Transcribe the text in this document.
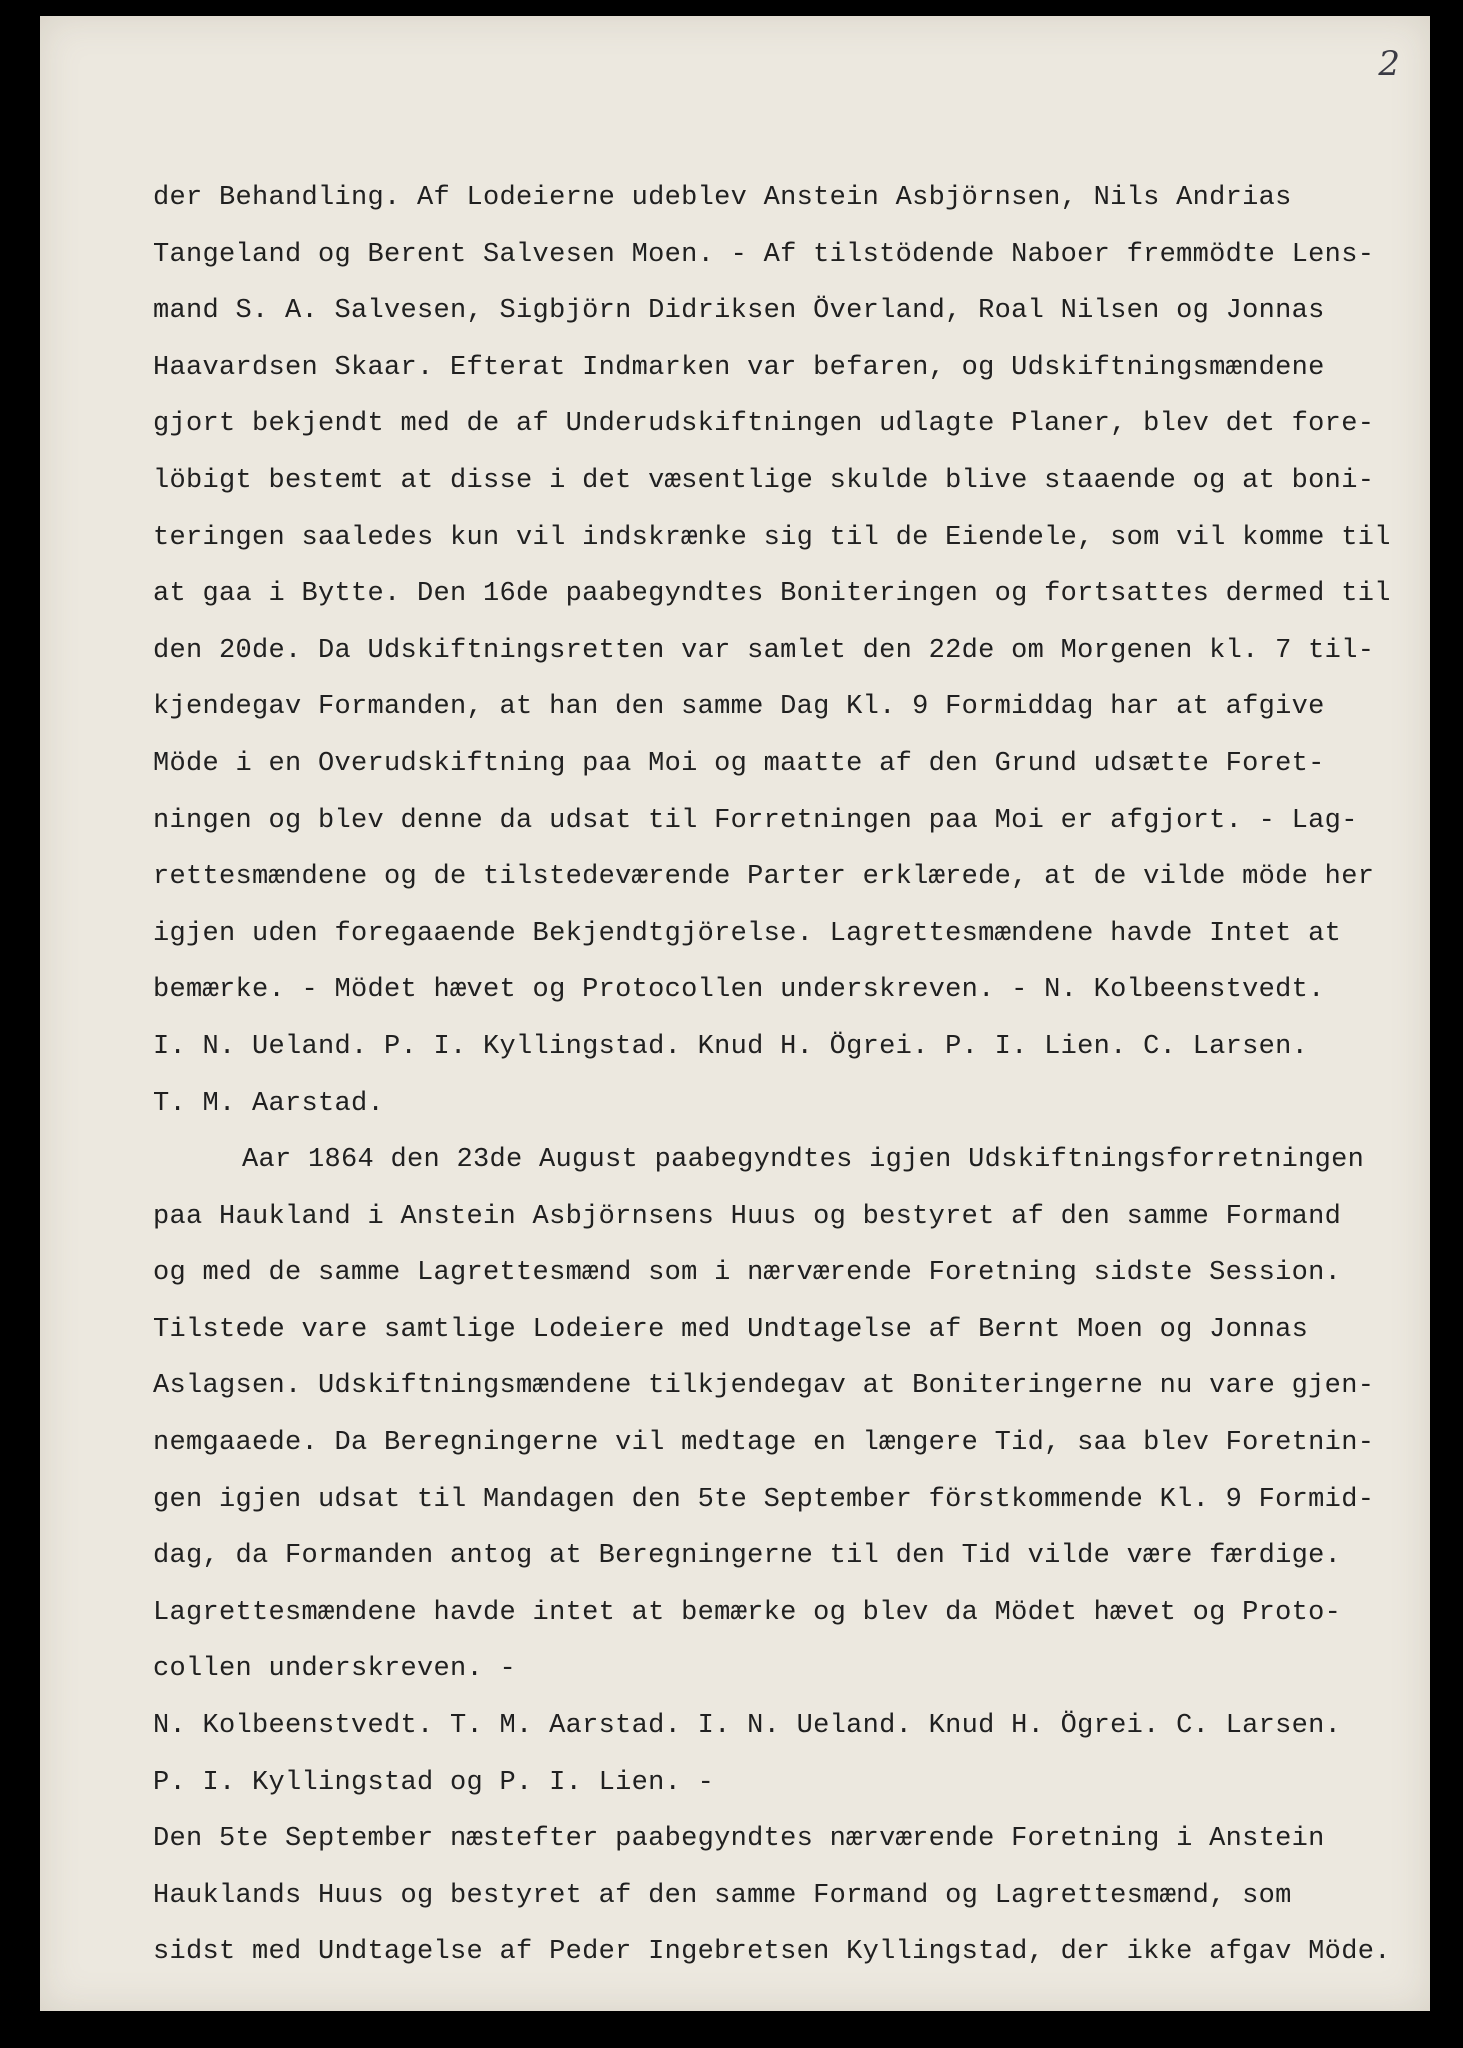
2
der Behandling. Af Lodeierne udeblev Anstein Asbjörnsen, Nils Andrias
Tangeland og Berent Salvesen Moen. - Af tilstödende Naboer fremmödte Lens-
mand S. A. Salvesen, Sigbjörn Didriksen Överland, Roal Nilsen og Jonnas
Haavardsen Skaar. Efterat Indmarken var befaren, og Udskiftningsmændene
gjort bekjendt med de af Underudskiftningen udlagte Planer, blev det fore-
löbigt bestemt at disse i det væsentlige skulde blive staaende og at boni-
teringen saaledes kun vil indskrænke sig til de Eiendele, som vil komme til
at gaa i Bytte. Den 16de paabegyndtes Boniteringen og fortsattes dermed til
den 20de. Da Udskiftningsretten var samlet den 22de om Morgenen kl. 7 til-
kjendegav Formanden, at han den samme Dag Kl. 9 Formiddag har at afgive
Möde i en Overudskiftning paa Moi og maatte af den Grund udsætte Foret-
ningen og blev denne da udsat til Forretningen paa Moi er afgjort. - Lag-
rettesmændene og de tilstedeværende Parter erklærede, at de vilde möde her
igjen uden foregaaende Bekjendtgjörelse. Lagrettesmændene havde Intet at
bemærke. - Mödet hævet og Protocollen underskreven. - N. Kolbeenstvedt.
I. N. Ueland. P. I. Kyllingstad. Knud H. Ögrei. P. I. Lien. C. Larsen.
T. M. Aarstad.
Aar 1864 den 23de August paabegyndtes igjen Udskiftningsforretningen
paa Haukland i Anstein Asbjörnsens Huus og bestyret af den samme Formand
og med de samme Lagrettesmænd som i nærværende Foretning sidste Session.
Tilstede vare samtlige Lodeiere med Undtagelse af Bernt Moen og Jonnas
Aslagsen. Udskiftningsmændene tilkjendegav at Boniteringerne nu vare gjen-
nemgaaede. Da Beregningerne vil medtage en længere Tid, saa blev Foretnin-
gen igjen udsat til Mandagen den 5te September förstkommende Kl. 9 Formid-
dag, da Formanden antog at Beregningerne til den Tid vilde være færdige.
Lagrettesmændene havde intet at bemærke og blev da Mödet hævet og Proto-
collen underskreven. -
N. Kolbeenstvedt. T. M. Aarstad. I. N. Ueland. Knud H. Ögrei. C. Larsen.
P. I. Kyllingstad og P. I. Lien. -
Den 5te September næstefter paabegyndtes nærværende Foretning i Anstein
Hauklands Huus og bestyret af den samme Formand og Lagrettesmænd, som
sidst med Undtagelse af Peder Ingebretsen Kyllingstad, der ikke afgav Möde.
